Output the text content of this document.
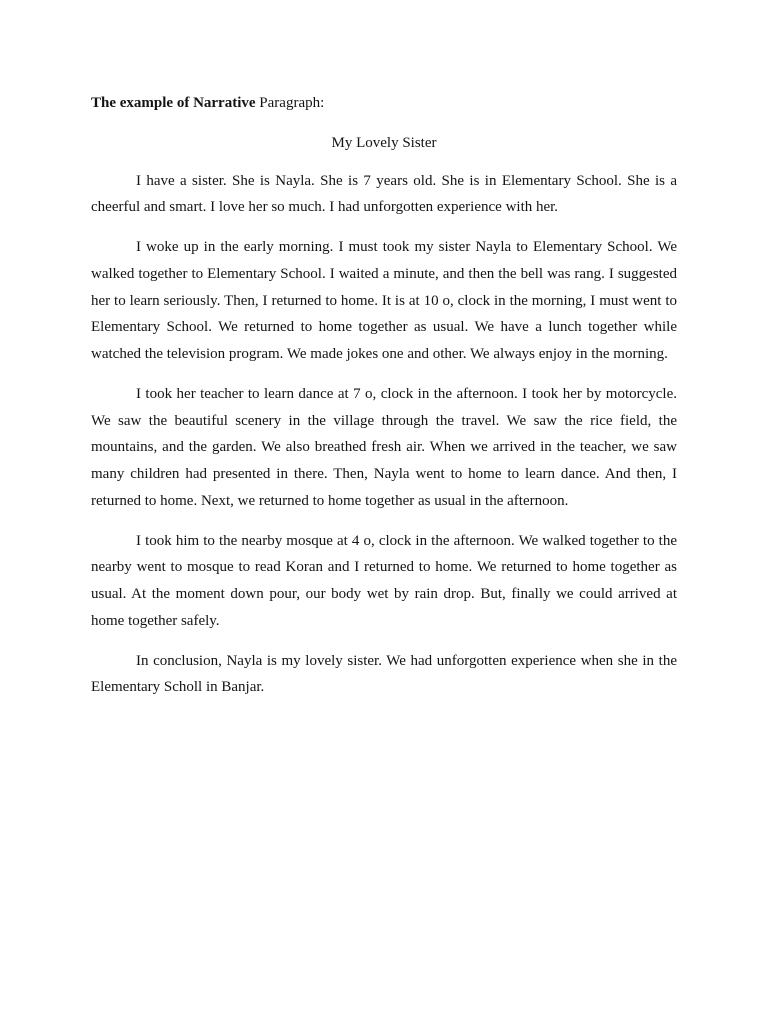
The example of Narrative Paragraph:
My Lovely Sister

I have a sister. She is Nayla. She is 7 years old. She is in Elementary School. She is a cheerful and smart. I love her so much. I had unforgotten experience with her.

I woke up in the early morning. I must took my sister Nayla to Elementary School. We walked together to Elementary School. I waited a minute, and then the bell was rang. I suggested her to learn seriously. Then, I returned to home. It is at 10 o, clock in the morning, I must went to Elementary School. We returned to home together as usual. We have a lunch together while watched the television program. We made jokes one and other. We always enjoy in the morning.

I took her teacher to learn dance at 7 o, clock in the afternoon. I took her by motorcycle. We saw the beautiful scenery in the village through the travel. We saw the rice field, the mountains, and the garden. We also breathed fresh air. When we arrived in the teacher, we saw many children had presented in there. Then, Nayla went to home to learn dance. And then, I returned to home. Next, we returned to home together as usual in the afternoon.

I took him to the nearby mosque at 4 o, clock in the afternoon. We walked together to the nearby went to mosque to read Koran and I returned to home. We returned to home together as usual. At the moment down pour, our body wet by rain drop. But, finally we could arrived at home together safely.

In conclusion, Nayla is my lovely sister. We had unforgotten experience when she in the Elementary Scholl in Banjar.
